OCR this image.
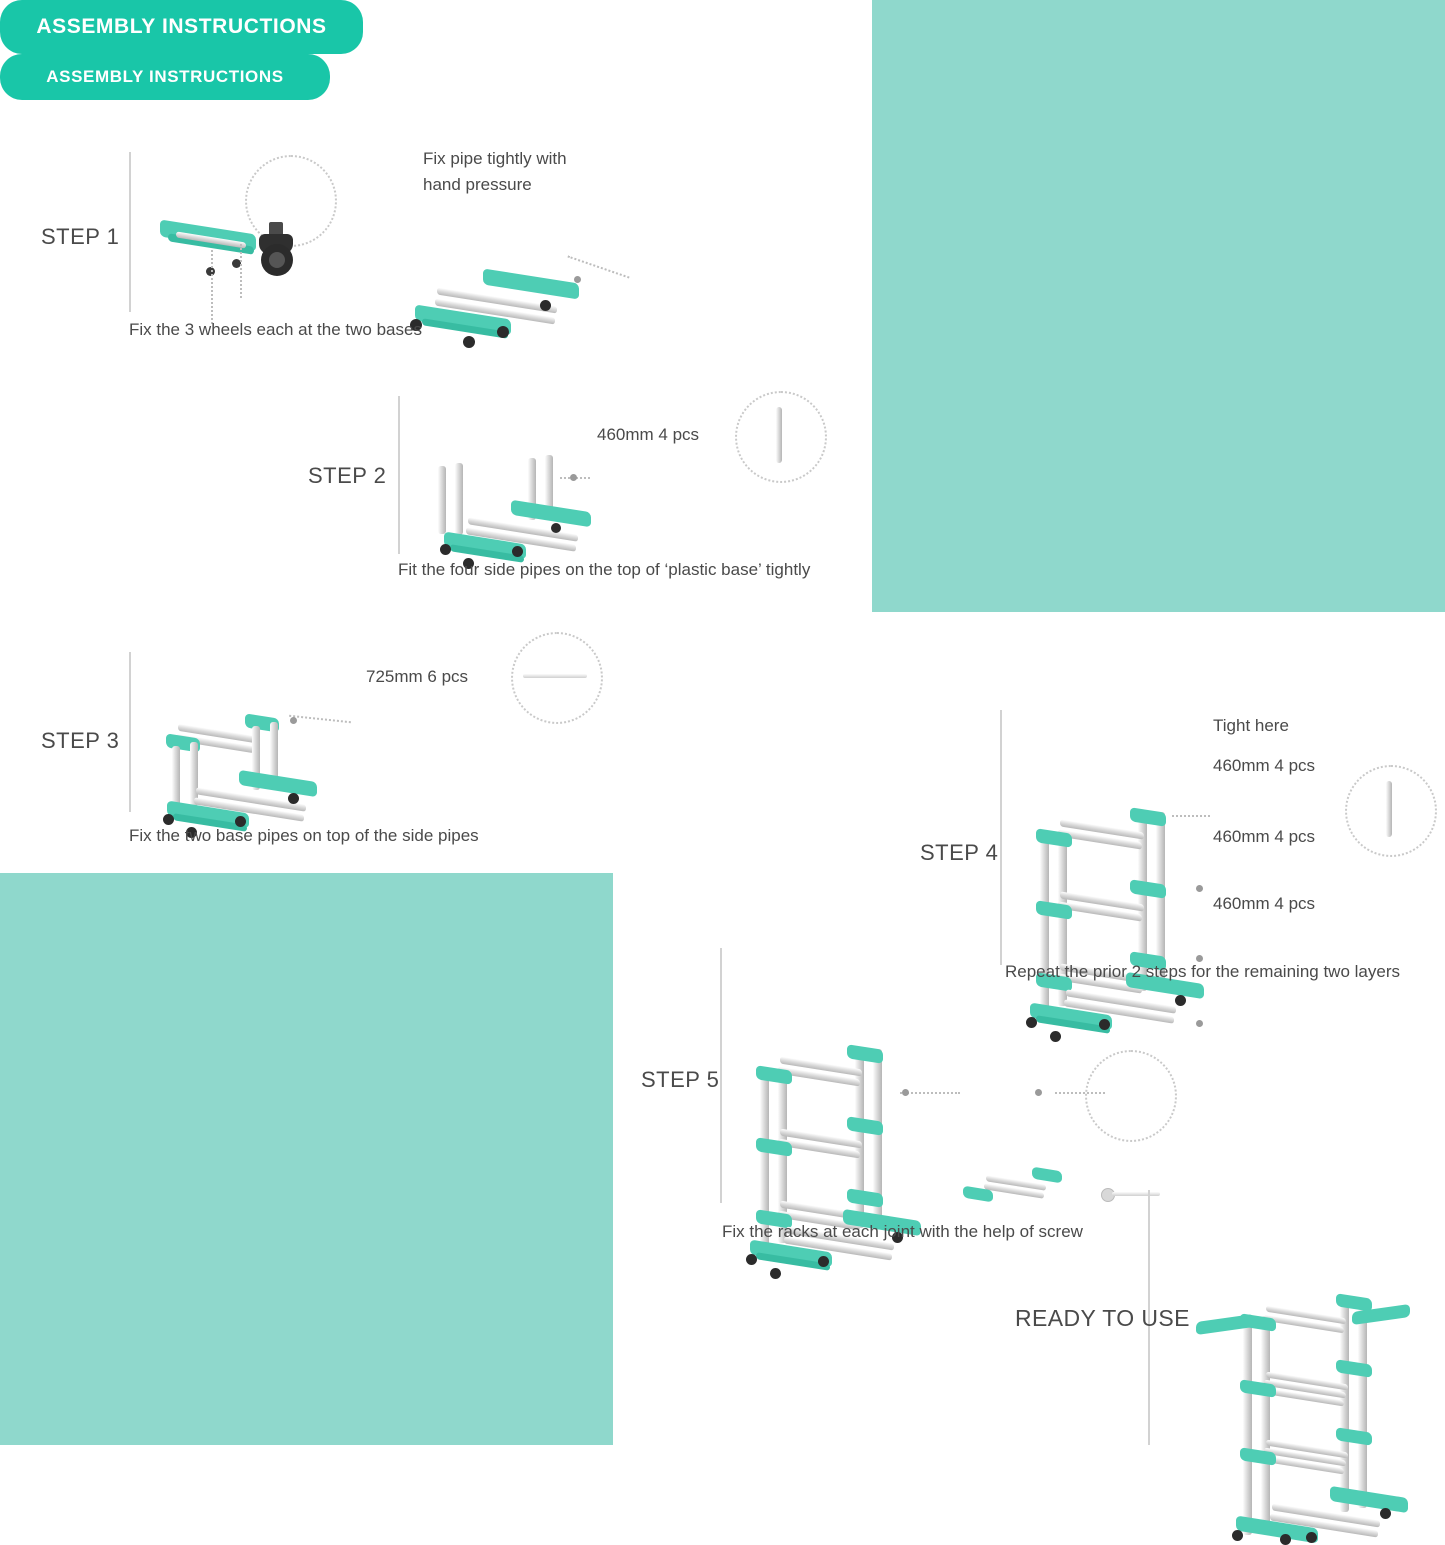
ASSEMBLY INSTRUCTIONS
STEP 1
Fix pipe tightly with
hand pressure
Fix the 3 wheels each at the two bases
STEP 2
460mm 4 pcs
Fit the four side pipes on the top of ‘plastic base’ tightly
STEP 3
725mm 6 pcs
Fix the two base pipes on top of the side pipes
ASSEMBLY INSTRUCTIONS
STEP 4
Tight here
460mm 4 pcs
460mm 4 pcs
460mm 4 pcs
Repeat the prior 2 steps for the remaining two layers
STEP 5
Fix the racks at each joint with the help of screw
READY TO USE
